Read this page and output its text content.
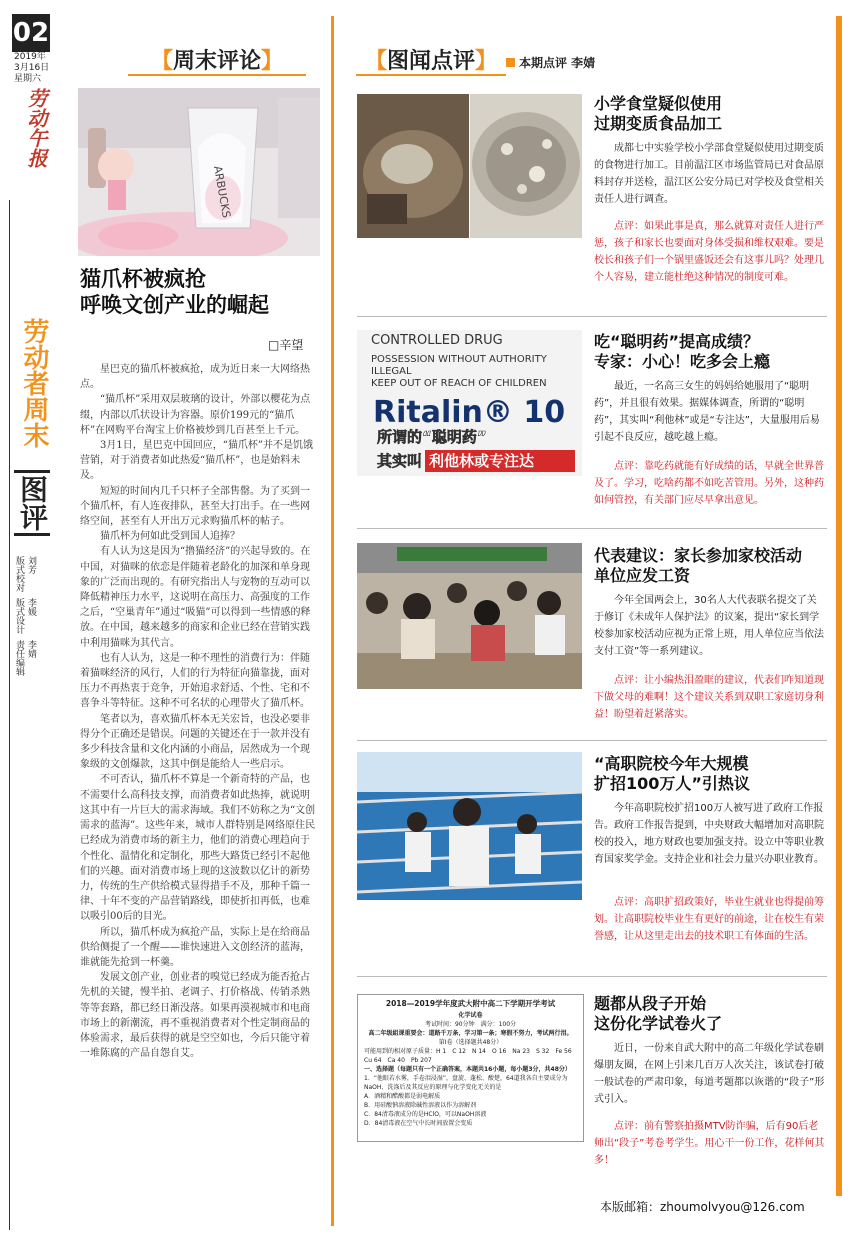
02
2019年
3月16日
星期六
劳动午报
劳动者周末
图评
版式校对 刘芳
版式设计 李媛
责任编辑 李婧
【 周末评论 】
ARBUCKS
猫爪杯被疯抢
呼唤文创产业的崛起
□辛望

星巴克的猫爪杯被疯抢，成为近日来一大网络热点。

“猫爪杯”采用双层玻璃的设计，外部以樱花为点缀，内部以爪状设计为容器。原价199元的“猫爪杯”在网购平台淘宝上价格被炒到几百甚至上千元。

3月1日，星巴克中国回应，“猫爪杯”并不是饥饿营销，对于消费者如此热爱“猫爪杯”，也是始料未及。

短短的时间内几千只杯子全部售罄。为了买到一个猫爪杯，有人连夜排队，甚至大打出手。在一些网络空间，甚至有人开出万元求购猫爪杯的帖子。

猫爪杯为何如此受到国人追捧？

有人认为这是因为“撸猫经济”的兴起导致的。在中国，对猫咪的依恋是伴随着老龄化的加深和单身现象的广泛而出现的。有研究指出人与宠物的互动可以降低精神压力水平，这说明在高压力、高强度的工作之后，“空巢青年”通过“吸猫”可以得到一些情感的释放。在中国，越来越多的商家和企业已经在营销实践中利用猫咪为其代言。

也有人认为，这是一种不理性的消费行为：伴随着猫咪经济的风行，人们的行为特征向猫靠拢，面对压力不再热衷于竞争，开始追求舒适、个性、宅和不喜争斗等特征。这种不可名状的心理带火了猫爪杯。

笔者以为，喜欢猫爪杯本无关宏旨，也没必要非得分个正确还是错误。问题的关键还在于一款并没有多少科技含量和文化内涵的小商品，居然成为一个现象级的文创爆款，这其中倒是能给人一些启示。

不可否认，猫爪杯不算是一个新奇特的产品，也不需要什么高科技支撑，而消费者如此热捧，就说明这其中有一片巨大的需求海域。我们不妨称之为“文创需求的蓝海”。这些年来，城市人群特别是网络原住民已经成为消费市场的新主力，他们的消费心理趋向于个性化、温情化和定制化，那些大路货已经引不起他们的兴趣。面对消费市场上现的这波数以亿计的新势力，传统的生产供给模式显得措手不及，那种千篇一律、十年不变的产品营销路线，即使折扣再低，也难以吸引00后的目光。

所以，猫爪杯成为疯抢产品，实际上是在给商品供给侧提了一个醒——谁快速进入文创经济的蓝海，谁就能先抢到一杯羹。

发展文创产业，创业者的嗅觉已经成为能否抢占先机的关键，慢半拍、老调子、打价格战、传销杀熟等等套路，都已经日渐没落。如果再漠视城市和电商市场上的新潮流，再不重视消费者对个性定制商品的体验需求，最后获得的就是空空如也，今后只能守着一堆陈腐的产品自怨自艾。

【 图闻点评 】	本期点评 李婧
小学食堂疑似使用
过期变质食品加工
成都七中实验学校小学部食堂疑似使用过期变质的食物进行加工。目前温江区市场监管局已对食品原料封存并送检，温江区公安分局已对学校及食堂相关责任人进行调查。
点评：如果此事是真，那么就算对责任人进行严惩，孩子和家长也要面对身体受损和维权艰难。要是校长和孩子们一个锅里盛饭还会有这事儿吗？处理几个人容易，建立能杜绝这种情况的制度可难。
CONTROLLED DRUG
POSSESSION WITHOUT AUTHORITY
ILLEGAL
KEEP OUT OF REACH OF CHILDREN
Ritalin® 10
所谓的“聪明药”
其实叫 利他林或专注达
吃“聪明药”提高成绩？
专家：小心！吃多会上瘾
最近，一名高三女生的妈妈给她服用了“聪明药”，并且很有效果。据媒体调查，所谓的“聪明药”，其实叫“利他林”或是“专注达”，大量服用后易引起不良反应，越吃越上瘾。
点评：靠吃药就能有好成绩的话，早就全世界普及了。学习，吃啥药都不如吃苦管用。另外，这种药如何管控，有关部门应尽早拿出意见。
代表建议：家长参加家校活动
单位应发工资
今年全国两会上，30名人大代表联名提交了关于修订《未成年人保护法》的议案，提出“家长到学校参加家校活动应视为正常上班，用人单位应当依法支付工资”等一系列建议。
点评：让小编热泪盈眶的建议，代表们咋知道现下做父母的难啊！这个建议关系到双职工家庭切身利益！盼望着赶紧落实。
“高职院校今年大规模
扩招100万人”引热议
今年高职院校扩招100万人被写进了政府工作报告。政府工作报告提到，中央财政大幅增加对高职院校的投入，地方财政也要加强支持。设立中等职业教育国家奖学金。支持企业和社会力量兴办职业教育。
点评：高职扩招政策好，毕业生就业也得提前筹划。让高职院校毕业生有更好的前途，让在校生有荣誉感，让从这里走出去的技术职工有体面的生活。
2018—2019学年度武大附中高二下学期开学考试
化学试卷
考试时间：90分钟　满分：100分
高二年级組课重要会：道路千万条，学习第一条；寒假不努力，考试两行泪。
第Ⅰ卷（选择题共48分）
可能用到的相对原子质量：H 1　C 12　N 14　O 16　Na 23　S 32　Fe 56　Cu 64　Ca 40　Pb 207
一、选择题（每题只有一个正确答案，本题共16小题，每小题3分，共48分）
1．“他眼若水雾，手卷泪浸湿”，盘旋、蓬松、酸楚，64道我各自主要成分为NaOH、洗涤后及其反应的原理与化学变化无关的是
A．酒精和醋酸都是弱电解质
B．用硅酸钠溶液除碱性溶液以作为溶解剂
C．84清毒液成分的是HClO，可以NaOH溶液
D．84清毒液在空气中长时间放置会变质
题都从段子开始
这份化学试卷火了
近日，一份来自武大附中的高二年级化学试卷刷爆朋友圈，在网上引来几百万人次关注，该试卷打破一般试卷的严肃印象，每道考题都以诙谐的“段子”形式引入。
点评：前有警察拍摄MTV防诈骗，后有90后老师出“段子”考卷考学生。用心干一份工作，花样何其多！
本版邮箱：zhoumolvyou@126.com
